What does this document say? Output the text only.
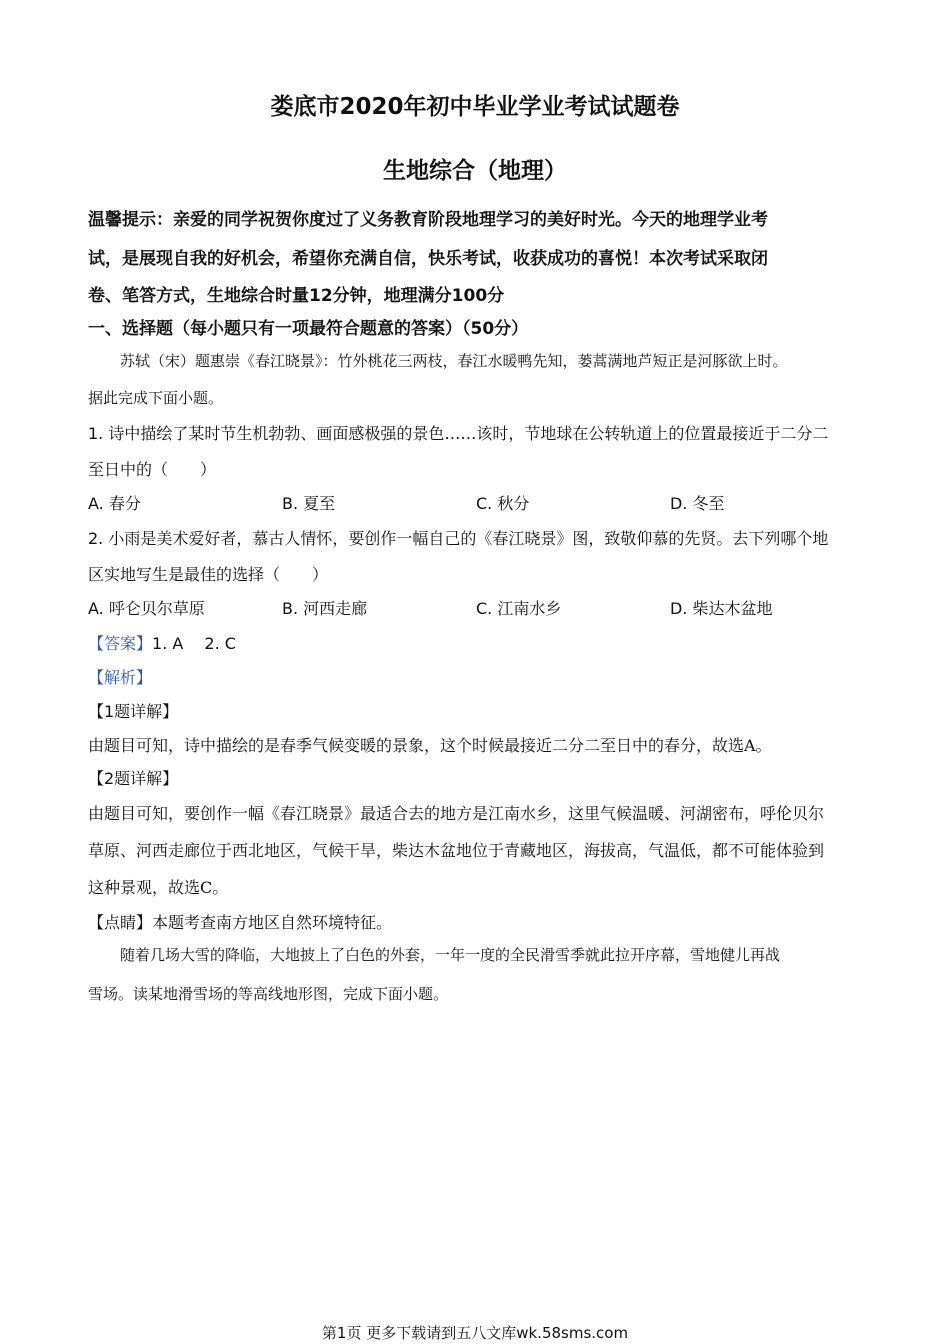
娄底市2020年初中毕业学业考试试题卷
生地综合（地理）
温馨提示：亲爱的同学祝贺你度过了义务教育阶段地理学习的美好时光。今天的地理学业考
试，是展现自我的好机会，希望你充满自信，快乐考试，收获成功的喜悦！本次考试采取闭
卷、笔答方式，生地综合时量12分钟，地理满分100分
一、选择题（每小题只有一项最符合题意的答案）（50分）
苏轼（宋）题惠崇《春江晓景》：竹外桃花三两枝，春江水暖鸭先知，蒌蒿满地芦短正是河豚欲上时。
据此完成下面小题。
1. 诗中描绘了某时节生机勃勃、画面感极强的景色……该时，节地球在公转轨道上的位置最接近于二分二
至日中的（　　）
A. 春分	B. 夏至	C. 秋分	D. 冬至
2. 小雨是美术爱好者，慕古人情怀，要创作一幅自己的《春江晓景》图，致敬仰慕的先贤。去下列哪个地
区实地写生是最佳的选择（　　）
A. 呼仑贝尔草原	B. 河西走廊	C. 江南水乡	D. 柴达木盆地
【答案】1. A　 2. C
【解析】
【1题详解】
由题目可知，诗中描绘的是春季气候变暖的景象，这个时候最接近二分二至日中的春分，故选A。
【2题详解】
由题目可知，要创作一幅《春江晓景》最适合去的地方是江南水乡，这里气候温暖、河湖密布，呼伦贝尔
草原、河西走廊位于西北地区，气候干旱，柴达木盆地位于青藏地区，海拔高，气温低，都不可能体验到
这种景观，故选C。
【点睛】本题考查南方地区自然环境特征。
随着几场大雪的降临，大地披上了白色的外套，一年一度的全民滑雪季就此拉开序幕，雪地健儿再战
雪场。读某地滑雪场的等高线地形图，完成下面小题。
第1页 更多下载请到五八文库wk.58sms.com
